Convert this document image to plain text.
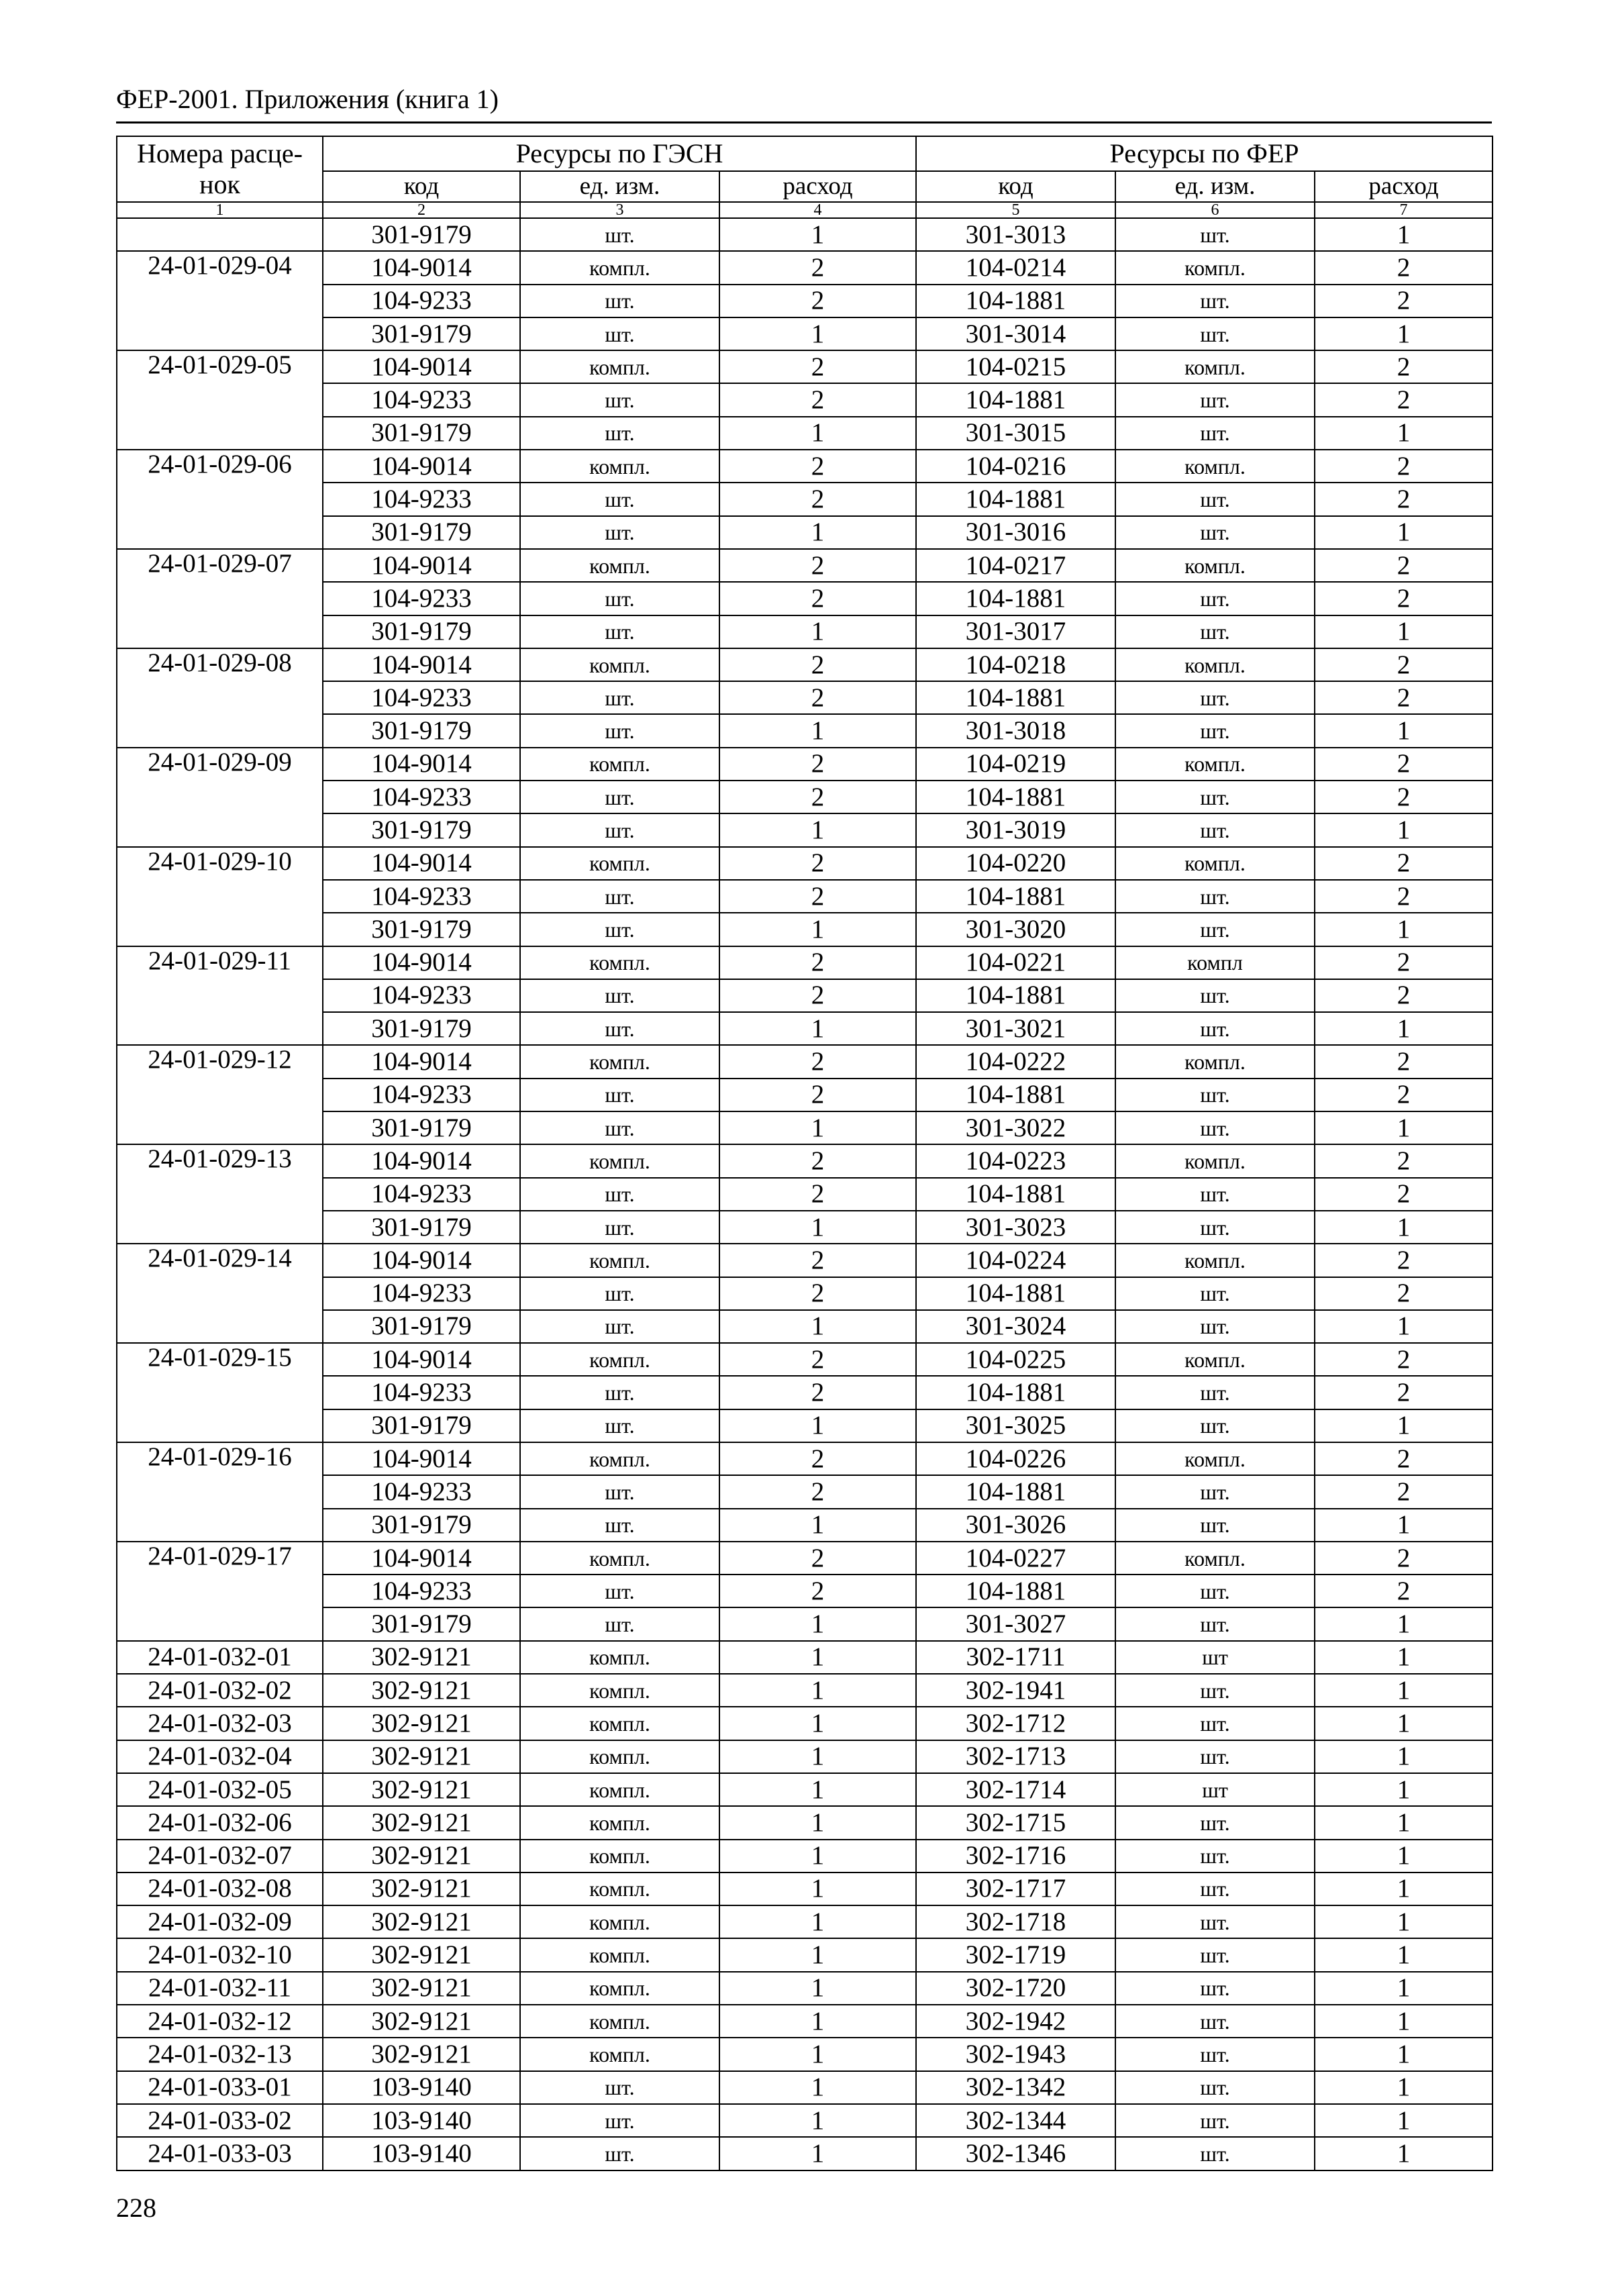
ФЕР-2001. Приложения (книга 1)
Номера расце-
нок	Ресурсы по ГЭСН			Ресурсы по ФЕР		
	код	ед. изм.	расход	код	ед. изм.	расход
1	2	3	4	5	6	7
	301-9179	шт.	1	301-3013	шт.	1
24-01-029-04	104-9014	компл.	2	104-0214	компл.	2
	104-9233	шт.	2	104-1881	шт.	2
	301-9179	шт.	1	301-3014	шт.	1
24-01-029-05	104-9014	компл.	2	104-0215	компл.	2
	104-9233	шт.	2	104-1881	шт.	2
	301-9179	шт.	1	301-3015	шт.	1
24-01-029-06	104-9014	компл.	2	104-0216	компл.	2
	104-9233	шт.	2	104-1881	шт.	2
	301-9179	шт.	1	301-3016	шт.	1
24-01-029-07	104-9014	компл.	2	104-0217	компл.	2
	104-9233	шт.	2	104-1881	шт.	2
	301-9179	шт.	1	301-3017	шт.	1
24-01-029-08	104-9014	компл.	2	104-0218	компл.	2
	104-9233	шт.	2	104-1881	шт.	2
	301-9179	шт.	1	301-3018	шт.	1
24-01-029-09	104-9014	компл.	2	104-0219	компл.	2
	104-9233	шт.	2	104-1881	шт.	2
	301-9179	шт.	1	301-3019	шт.	1
24-01-029-10	104-9014	компл.	2	104-0220	компл.	2
	104-9233	шт.	2	104-1881	шт.	2
	301-9179	шт.	1	301-3020	шт.	1
24-01-029-11	104-9014	компл.	2	104-0221	компл	2
	104-9233	шт.	2	104-1881	шт.	2
	301-9179	шт.	1	301-3021	шт.	1
24-01-029-12	104-9014	компл.	2	104-0222	компл.	2
	104-9233	шт.	2	104-1881	шт.	2
	301-9179	шт.	1	301-3022	шт.	1
24-01-029-13	104-9014	компл.	2	104-0223	компл.	2
	104-9233	шт.	2	104-1881	шт.	2
	301-9179	шт.	1	301-3023	шт.	1
24-01-029-14	104-9014	компл.	2	104-0224	компл.	2
	104-9233	шт.	2	104-1881	шт.	2
	301-9179	шт.	1	301-3024	шт.	1
24-01-029-15	104-9014	компл.	2	104-0225	компл.	2
	104-9233	шт.	2	104-1881	шт.	2
	301-9179	шт.	1	301-3025	шт.	1
24-01-029-16	104-9014	компл.	2	104-0226	компл.	2
	104-9233	шт.	2	104-1881	шт.	2
	301-9179	шт.	1	301-3026	шт.	1
24-01-029-17	104-9014	компл.	2	104-0227	компл.	2
	104-9233	шт.	2	104-1881	шт.	2
	301-9179	шт.	1	301-3027	шт.	1
24-01-032-01	302-9121	компл.	1	302-1711	шт	1
24-01-032-02	302-9121	компл.	1	302-1941	шт.	1
24-01-032-03	302-9121	компл.	1	302-1712	шт.	1
24-01-032-04	302-9121	компл.	1	302-1713	шт.	1
24-01-032-05	302-9121	компл.	1	302-1714	шт	1
24-01-032-06	302-9121	компл.	1	302-1715	шт.	1
24-01-032-07	302-9121	компл.	1	302-1716	шт.	1
24-01-032-08	302-9121	компл.	1	302-1717	шт.	1
24-01-032-09	302-9121	компл.	1	302-1718	шт.	1
24-01-032-10	302-9121	компл.	1	302-1719	шт.	1
24-01-032-11	302-9121	компл.	1	302-1720	шт.	1
24-01-032-12	302-9121	компл.	1	302-1942	шт.	1
24-01-032-13	302-9121	компл.	1	302-1943	шт.	1
24-01-033-01	103-9140	шт.	1	302-1342	шт.	1
24-01-033-02	103-9140	шт.	1	302-1344	шт.	1
24-01-033-03	103-9140	шт.	1	302-1346	шт.	1
228
